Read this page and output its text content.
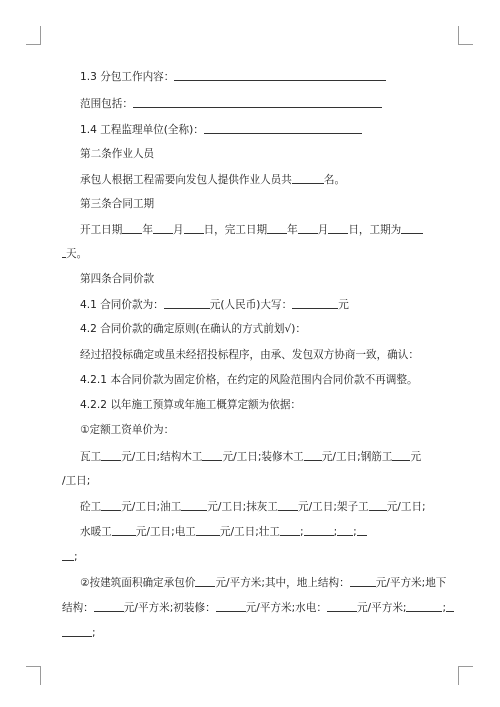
1.3 分包工作内容：
范围包括：
1.4 工程监理单位(全称)：
第二条作业人员
承包人根据工程需要向发包人提供作业人员共	名。
第三条合同工期
开工日期 年 月 日，完工日期 年 月 日，工期为
天。
第四条合同价款
4.1 合同价款为：	元(人民币)大写：	元
4.2 合同价款的确定原则(在确认的方式前划√)：
经过招投标确定或虽未经招投标程序，由承、发包双方协商一致，确认：
4.2.1 本合同价款为固定价格，在约定的风险范围内合同价款不再调整。
4.2.2 以年施工预算或年施工概算定额为依据：
①定额工资单价为：
瓦工 元/工日;结构木工 元/工日;装修木工 元/工日;钢筋工 元
/工日;
砼工 元/工日;油工 元/工日;抹灰工 元/工日;架子工 元/工日;
水暖工 元/工日;电工 元/工日;壮工 ;	; ;
;
②按建筑面积确定承包价 元/平方米;其中，地上结构： 元/平方米;地下
结构：	元/平方米;初装修：	元/平方米;水电：	元/平方米;	;
;
